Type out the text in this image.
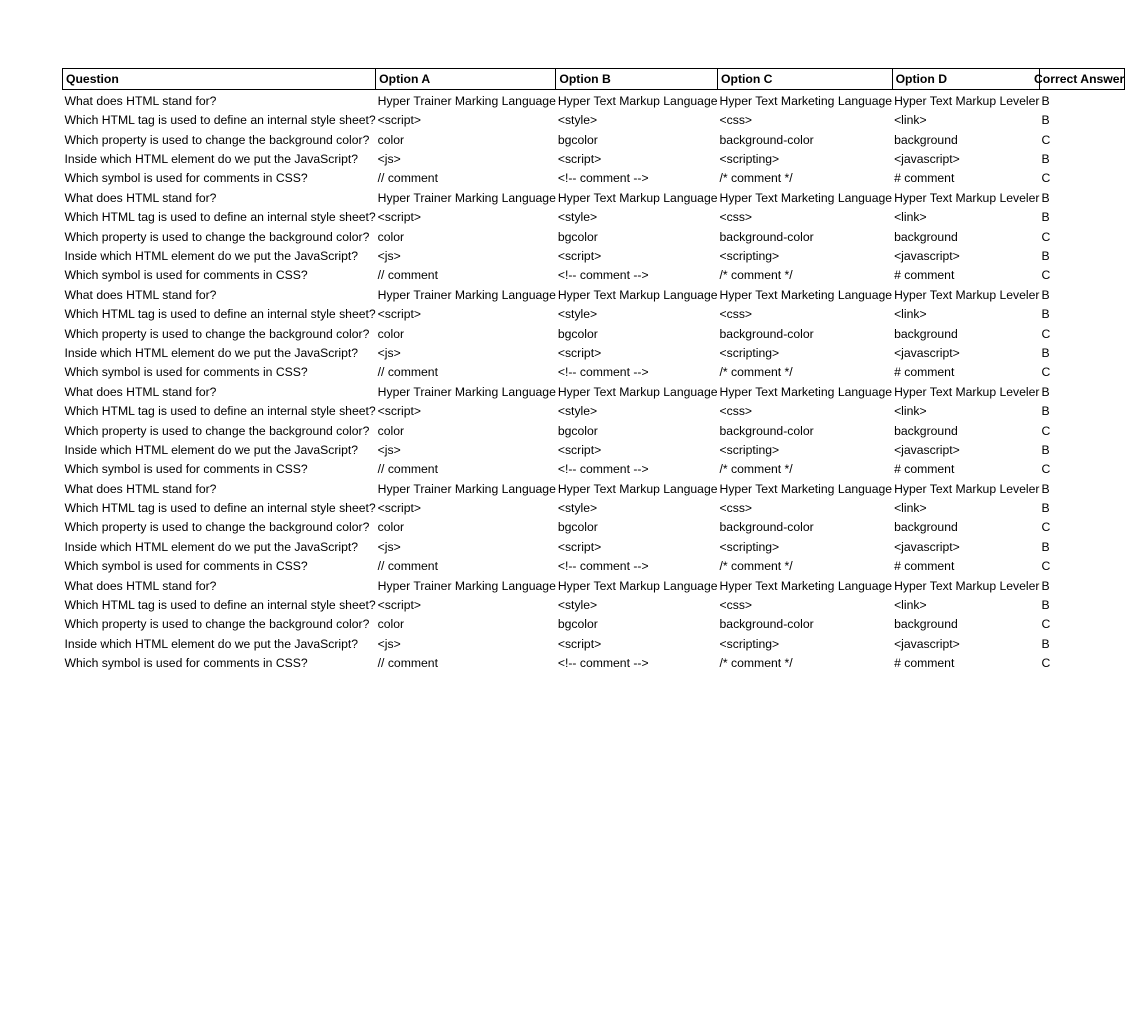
Question	Option A	Option B	Option C	Option D	Correct Answer
What does HTML stand for?	Hyper Trainer Marking Language	Hyper Text Markup Language	Hyper Text Marketing Language	Hyper Text Markup Leveler	B
Which HTML tag is used to define an internal style sheet?	<script>	<style>	<css>	<link>	B
Which property is used to change the background color?	color	bgcolor	background-color	background	C
Inside which HTML element do we put the JavaScript?	<js>	<script>	<scripting>	<javascript>	B
Which symbol is used for comments in CSS?	// comment	<!-- comment -->	/* comment */	# comment	C
What does HTML stand for?	Hyper Trainer Marking Language	Hyper Text Markup Language	Hyper Text Marketing Language	Hyper Text Markup Leveler	B
Which HTML tag is used to define an internal style sheet?	<script>	<style>	<css>	<link>	B
Which property is used to change the background color?	color	bgcolor	background-color	background	C
Inside which HTML element do we put the JavaScript?	<js>	<script>	<scripting>	<javascript>	B
Which symbol is used for comments in CSS?	// comment	<!-- comment -->	/* comment */	# comment	C
What does HTML stand for?	Hyper Trainer Marking Language	Hyper Text Markup Language	Hyper Text Marketing Language	Hyper Text Markup Leveler	B
Which HTML tag is used to define an internal style sheet?	<script>	<style>	<css>	<link>	B
Which property is used to change the background color?	color	bgcolor	background-color	background	C
Inside which HTML element do we put the JavaScript?	<js>	<script>	<scripting>	<javascript>	B
Which symbol is used for comments in CSS?	// comment	<!-- comment -->	/* comment */	# comment	C
What does HTML stand for?	Hyper Trainer Marking Language	Hyper Text Markup Language	Hyper Text Marketing Language	Hyper Text Markup Leveler	B
Which HTML tag is used to define an internal style sheet?	<script>	<style>	<css>	<link>	B
Which property is used to change the background color?	color	bgcolor	background-color	background	C
Inside which HTML element do we put the JavaScript?	<js>	<script>	<scripting>	<javascript>	B
Which symbol is used for comments in CSS?	// comment	<!-- comment -->	/* comment */	# comment	C
What does HTML stand for?	Hyper Trainer Marking Language	Hyper Text Markup Language	Hyper Text Marketing Language	Hyper Text Markup Leveler	B
Which HTML tag is used to define an internal style sheet?	<script>	<style>	<css>	<link>	B
Which property is used to change the background color?	color	bgcolor	background-color	background	C
Inside which HTML element do we put the JavaScript?	<js>	<script>	<scripting>	<javascript>	B
Which symbol is used for comments in CSS?	// comment	<!-- comment -->	/* comment */	# comment	C
What does HTML stand for?	Hyper Trainer Marking Language	Hyper Text Markup Language	Hyper Text Marketing Language	Hyper Text Markup Leveler	B
Which HTML tag is used to define an internal style sheet?	<script>	<style>	<css>	<link>	B
Which property is used to change the background color?	color	bgcolor	background-color	background	C
Inside which HTML element do we put the JavaScript?	<js>	<script>	<scripting>	<javascript>	B
Which symbol is used for comments in CSS?	// comment	<!-- comment -->	/* comment */	# comment	C
